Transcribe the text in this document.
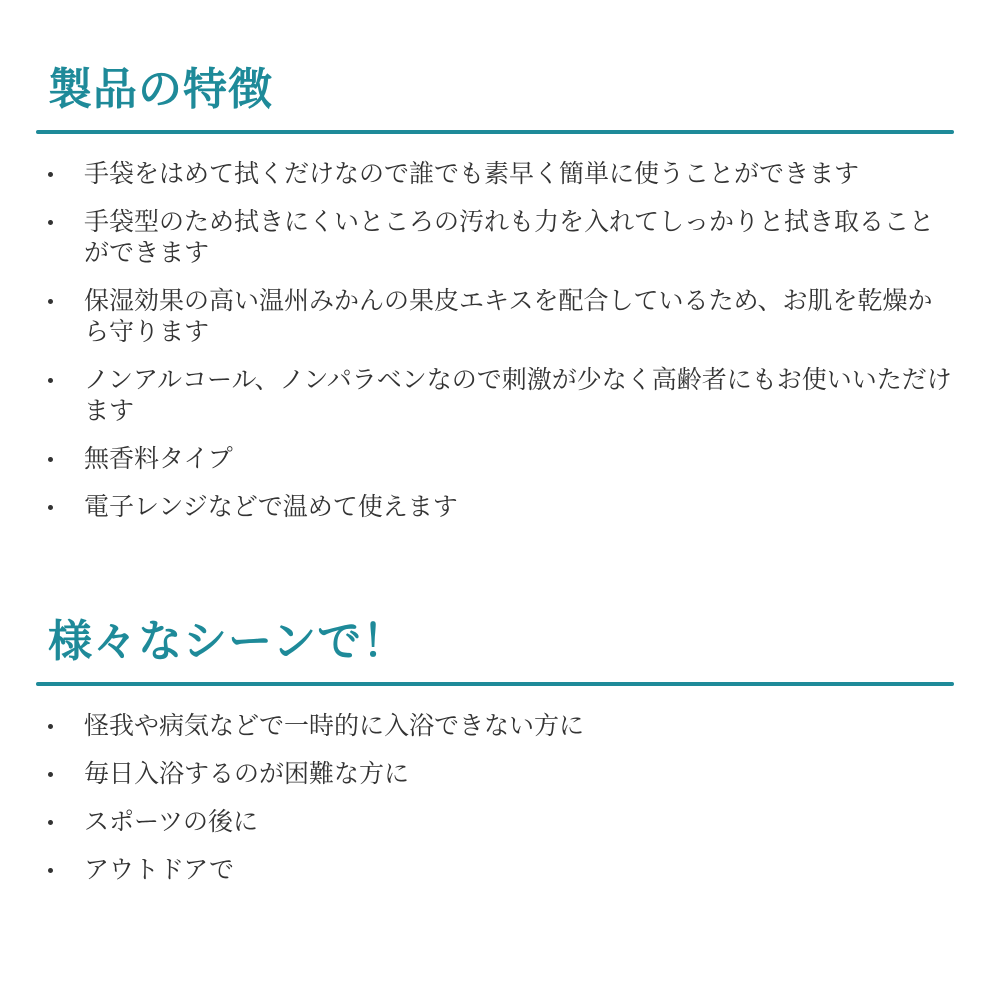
製品の特徴
手袋をはめて拭くだけなので誰でも素早く簡単に使うことができます
手袋型のため拭きにくいところの汚れも力を入れてしっかりと拭き取ることができます
保湿効果の高い温州みかんの果皮エキスを配合しているため、お肌を乾燥から守ります
ノンアルコール、ノンパラベンなので刺激が少なく高齢者にもお使いいただけます
無香料タイプ
電子レンジなどで温めて使えます
様々なシーンで！
怪我や病気などで一時的に入浴できない方に
毎日入浴するのが困難な方に
スポーツの後に
アウトドアで
